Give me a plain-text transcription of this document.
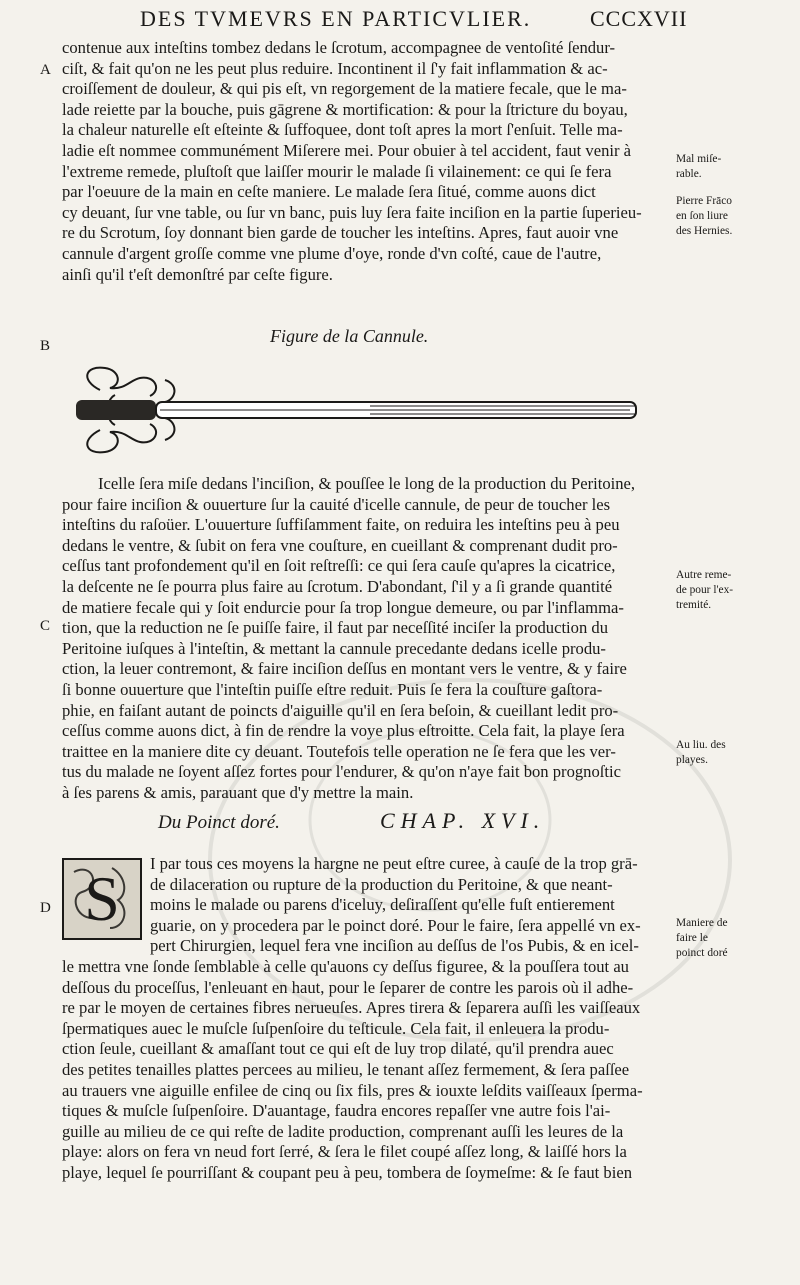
DES TVMEVRS EN PARTICVLIER.	CCCXVII
A
B
C
D
contenue aux inteſtins tombez dedans le ſcrotum, accompagnee de ventoſité ſendur-
ciſt, & fait qu'on ne les peut plus reduire. Incontinent il ſ'y fait inflammation & ac-
croiſſement de douleur, & qui pis eſt, vn regorgement de la matiere fecale, que le ma-
lade reiette par la bouche, puis gāgrene & mortification: & pour la ſtricture du boyau,
la chaleur naturelle eſt eſteinte & ſuffoquee, dont toſt apres la mort ſ'enſuit. Telle ma-
ladie eſt nommee communément Miſerere mei. Pour obuier à tel accident, faut venir à
l'extreme remede, pluſtoſt que laiſſer mourir le malade ſi vilainement: ce qui ſe fera
par l'oeuure de la main en ceſte maniere. Le malade ſera ſitué, comme auons dict
cy deuant, ſur vne table, ou ſur vn banc, puis luy ſera faite inciſion en la partie ſuperieu-
re du Scrotum, ſoy donnant bien garde de toucher les inteſtins. Apres, faut auoir vne
cannule d'argent groſſe comme vne plume d'oye, ronde d'vn coſté, caue de l'autre,
ainſi qu'il t'eſt demonſtré par ceſte figure.
Mal miſe-
rable.
Pierre Frāco
en ſon liure
des Hernies.
Figure de la Cannule.
Icelle ſera miſe dedans l'inciſion, & pouſſee le long de la production du Peritoine,
pour faire inciſion & ouuerture ſur la cauité d'icelle cannule, de peur de toucher les
inteſtins du raſoüer. L'ouuerture ſuffiſamment faite, on reduira les inteſtins peu à peu
dedans le ventre, & ſubit on fera vne couſture, en cueillant & comprenant dudit pro-
ceſſus tant profondement qu'il en ſoit reſtreſſi: ce qui ſera cauſe qu'apres la cicatrice,
la deſcente ne ſe pourra plus faire au ſcrotum. D'abondant, ſ'il y a ſi grande quantité
de matiere fecale qui y ſoit endurcie pour ſa trop longue demeure, ou par l'inflamma-
tion, que la reduction ne ſe puiſſe faire, il faut par neceſſité inciſer la production du
Peritoine iuſques à l'inteſtin, & mettant la cannule precedante dedans icelle produ-
ction, la leuer contremont, & faire inciſion deſſus en montant vers le ventre, & y faire
ſi bonne ouuerture que l'inteſtin puiſſe eſtre reduit. Puis ſe fera la couſture gaſtora-
phie, en faiſant autant de poincts d'aiguille qu'il en ſera beſoin, & cueillant ledit pro-
ceſſus comme auons dict, à fin de rendre la voye plus eſtroitte. Cela fait, la playe ſera
traittee en la maniere dite cy deuant. Toutefois telle operation ne ſe fera que les ver-
tus du malade ne ſoyent aſſez fortes pour l'endurer, & qu'on n'aye fait bon prognoſtic
à ſes parens & amis, parauant que d'y mettre la main.
Autre reme-
de pour l'ex-
tremité.
Au liu. des
playes.
Du Poinct doré.	CHAP. XVI.
S	I par tous ces moyens la hargne ne peut eſtre curee, à cauſe de la trop grā-
de dilaceration ou rupture de la production du Peritoine, & que neant-
moins le malade ou parens d'iceluy, deſiraſſent qu'elle fuſt entierement
guarie, on y procedera par le poinct doré. Pour le faire, ſera appellé vn ex-
pert Chirurgien, lequel fera vne inciſion au deſſus de l'os Pubis, & en icel-
le mettra vne ſonde ſemblable à celle qu'auons cy deſſus figuree, & la pouſſera tout au
deſſous du proceſſus, l'enleuant en haut, pour le ſeparer de contre les parois où il adhe-
re par le moyen de certaines fibres nerueuſes. Apres tirera & ſeparera auſſi les vaiſſeaux
ſpermatiques auec le muſcle ſuſpenſoire du teſticule. Cela fait, il enleuera la produ-
ction ſeule, cueillant & amaſſant tout ce qui eſt de luy trop dilaté, qu'il prendra auec
des petites tenailles plattes percees au milieu, le tenant aſſez fermement, & ſera paſſee
au trauers vne aiguille enfilee de cinq ou ſix fils, pres & iouxte leſdits vaiſſeaux ſperma-
tiques & muſcle ſuſpenſoire. D'auantage, faudra encores repaſſer vne autre fois l'ai-
guille au milieu de ce qui reſte de ladite production, comprenant auſſi les leures de la
playe: alors on fera vn neud fort ſerré, & ſera le filet coupé aſſez long, & laiſſé hors la
playe, lequel ſe pourriſſant & coupant peu à peu, tombera de ſoymeſme: & ſe faut bien
Maniere de
faire le
poinct doré
